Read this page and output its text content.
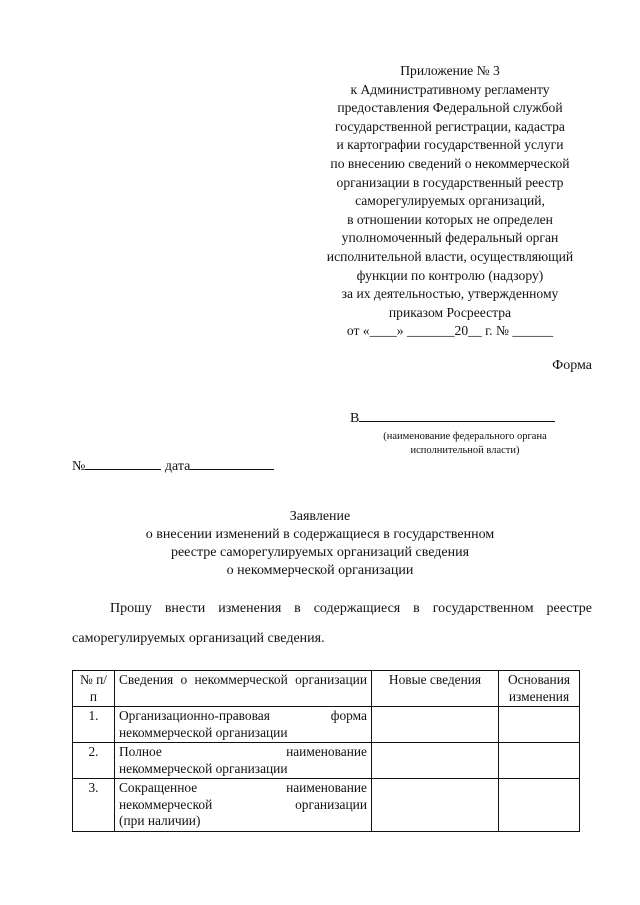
Приложение № 3
к Административному регламенту
предоставления Федеральной службой
государственной регистрации, кадастра
и картографии государственной услуги
по внесению сведений о некоммерческой
организации в государственный реестр
саморегулируемых организаций,
в отношении которых не определен
уполномоченный федеральный орган
исполнительной власти, осуществляющий
функции по контролю (надзору)
за их деятельностью, утвержденному
приказом Росреестра
от «____» _______20__ г. № ______
Форма
В
(наименование федерального органа
исполнительной власти)
№	дата
Заявление
о внесении изменений в содержащиеся в государственном
реестре саморегулируемых организаций сведения
о некоммерческой организации
Прошу внести изменения в содержащиеся в государственном реестре
саморегулируемых организаций сведения.
№ п/п	Сведения о некоммерческой организации	Новые сведения	Основания изменения
1.	Организационно-правовая форма
некоммерческой организации		

2.	Полное наименование
некоммерческой организации		

3.	Сокращенное наименование
некоммерческой организации
(при наличии)		
